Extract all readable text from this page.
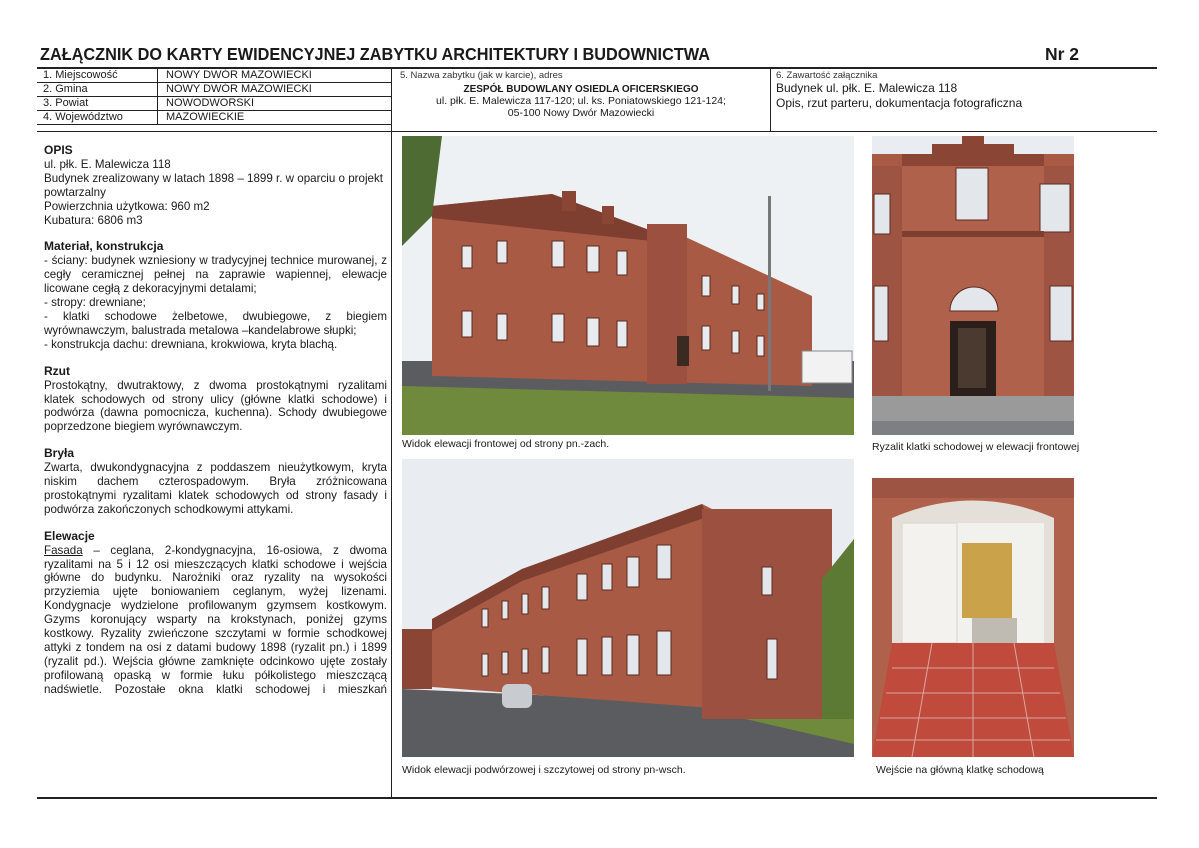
ZAŁĄCZNIK DO KARTY EWIDENCYJNEJ ZABYTKU ARCHITEKTURY I BUDOWNICTWA	Nr 2
1. Miejscowość	NOWY DWÓR MAZOWIECKI
2. Gmina	NOWY DWÓR MAZOWIECKI
3. Powiat	NOWODWORSKI
4. Województwo	MAZOWIECKIE
5. Nazwa zabytku (jak w karcie), adres
ZESPÓŁ BUDOWLANY OSIEDLA OFICERSKIEGO
ul. płk. E. Malewicza 117-120; ul. ks. Poniatowskiego 121-124;
05-100 Nowy Dwór Mazowiecki
6. Zawartość załącznika
Budynek ul. płk. E. Malewicza 118
Opis, rzut parteru, dokumentacja fotograficzna
OPIS

ul. płk. E. Malewicza 118

Budynek zrealizowany w latach 1898 – 1899 r. w oparciu o projekt powtarzalny

Powierzchnia użytkowa: 960 m2

Kubatura: 6806 m3

Materiał, konstrukcja

- ściany: budynek wzniesiony w tradycyjnej technice murowanej, z cegły ceramicznej pełnej na zaprawie wapiennej, elewacje licowane cegłą z dekoracyjnymi detalami;

- stropy: drewniane;

- klatki schodowe żelbetowe, dwubiegowe, z biegiem wyrównawczym, balustrada metalowa –kandelabrowe słupki;

- konstrukcja dachu: drewniana, krokwiowa, kryta blachą.

Rzut

Prostokątny, dwutraktowy, z dwoma prostokątnymi ryzalitami klatek schodowych od strony ulicy (główne klatki schodowe) i podwórza (dawna pomocnicza, kuchenna). Schody dwubiegowe poprzedzone biegiem wyrównawczym.

Bryła

Zwarta, dwukondygnacyjna z poddaszem nieużytkowym, kryta niskim dachem czterospadowym. Bryła zróżnicowana prostokątnymi ryzalitami klatek schodowych od strony fasady i podwórza zakończonych schodkowymi attykami.

Elewacje

Fasada – ceglana, 2-kondygnacyjna, 16-osiowa, z dwoma ryzalitami na 5 i 12 osi mieszczących klatki schodowe i wejścia główne do budynku. Narożniki oraz ryzality na wysokości przyziemia ujęte boniowaniem ceglanym, wyżej lizenami. Kondygnacje wydzielone profilowanym gzymsem kostkowym. Gzyms koronujący wsparty na krokstynach, poniżej gzyms kostkowy. Ryzality zwieńczone szczytami w formie schodkowej attyki z tondem na osi z datami budowy 1898 (ryzalit pn.) i 1899 (ryzalit pd.). Wejścia główne zamknięte odcinkowo ujęte zostały profilowaną opaską w formie łuku półkolistego mieszczącą nadświetle. Pozostałe okna klatki schodowej i mieszkań

Widok elewacji frontowej od strony pn.-zach.	Ryzalit klatki schodowej w elewacji frontowej
Widok elewacji podwórzowej i szczytowej od strony pn-wsch.	Wejście na główną klatkę schodową
